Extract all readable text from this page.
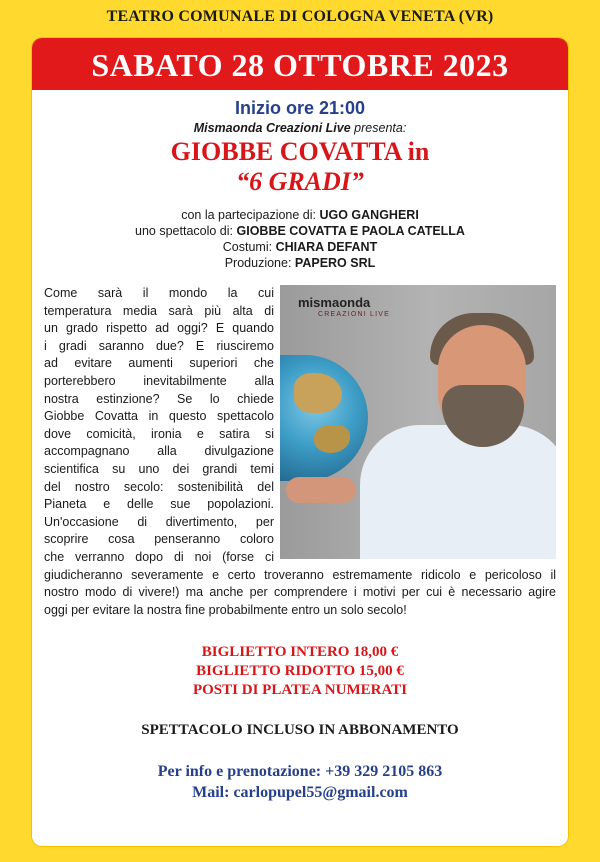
TEATRO COMUNALE DI COLOGNA VENETA (VR)
SABATO 28 OTTOBRE 2023
Inizio ore 21:00
Mismaonda Creazioni Live presenta:
GIOBBE COVATTA in
“6 GRADI”
con la partecipazione di: UGO GANGHERI
uno spettacolo di: GIOBBE COVATTA E PAOLA CATELLA
Costumi: CHIARA DEFANT
Produzione: PAPERO SRL
mismaonda
CREAZIONI LIVE
Come sarà il mondo la cui
temperatura media sarà più alta di
un grado rispetto ad oggi? E quando
i gradi saranno due? E riusciremo
ad evitare aumenti superiori che
porterebbero inevitabilmente alla
nostra estinzione? Se lo chiede
Giobbe Covatta in questo spettacolo
dove comicità, ironia e satira si
accompagnano alla divulgazione
scientifica su uno dei grandi temi
del nostro secolo: sostenibilità del
Pianeta e delle sue popolazioni.
Un'occasione di divertimento, per
scoprire cosa penseranno coloro
che verranno dopo di noi (forse ci
giudicheranno severamente e certo troveranno estremamente ridicolo e pericoloso il
nostro modo di vivere!) ma anche per comprendere i motivi per cui è necessario agire
oggi per evitare la nostra fine probabilmente entro un solo secolo!
BIGLIETTO INTERO 18,00 €
BIGLIETTO RIDOTTO 15,00 €
POSTI DI PLATEA NUMERATI
SPETTACOLO INCLUSO IN ABBONAMENTO
Per info e prenotazione: +39 329 2105 863
Mail: carlopupel55@gmail.com
